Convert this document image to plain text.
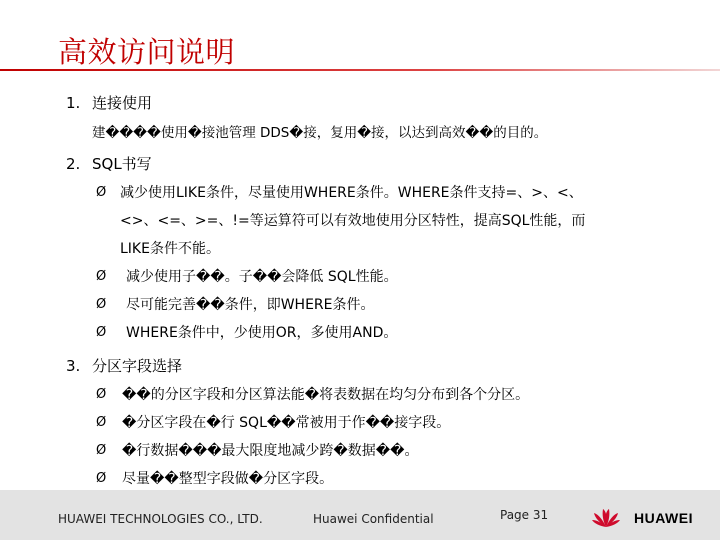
高效访问说明
1. 连接使用
建����使用�接池管理 DDS�接，复用�接，以达到高效��的目的。
2. SQL书写
Ø 减少使用LIKE条件，尽量使用WHERE条件。WHERE条件支持=、>、<、
<>、<=、>=、!=等运算符可以有效地使用分区特性，提高SQL性能，而
LIKE条件不能。
Ø 减少使用子��。子��会降低 SQL性能。
Ø 尽可能完善��条件，即WHERE条件。
Ø WHERE条件中，少使用OR，多使用AND。
3. 分区字段选择
Ø ��的分区字段和分区算法能�将表数据在均匀分布到各个分区。
Ø �分区字段在�行 SQL��常被用于作��接字段。
Ø �行数据���最大限度地减少跨�数据��。
Ø 尽量��整型字段做�分区字段。
HUAWEI TECHNOLOGIES CO., LTD.	Huawei Confidential	Page 31	HUAWEI
